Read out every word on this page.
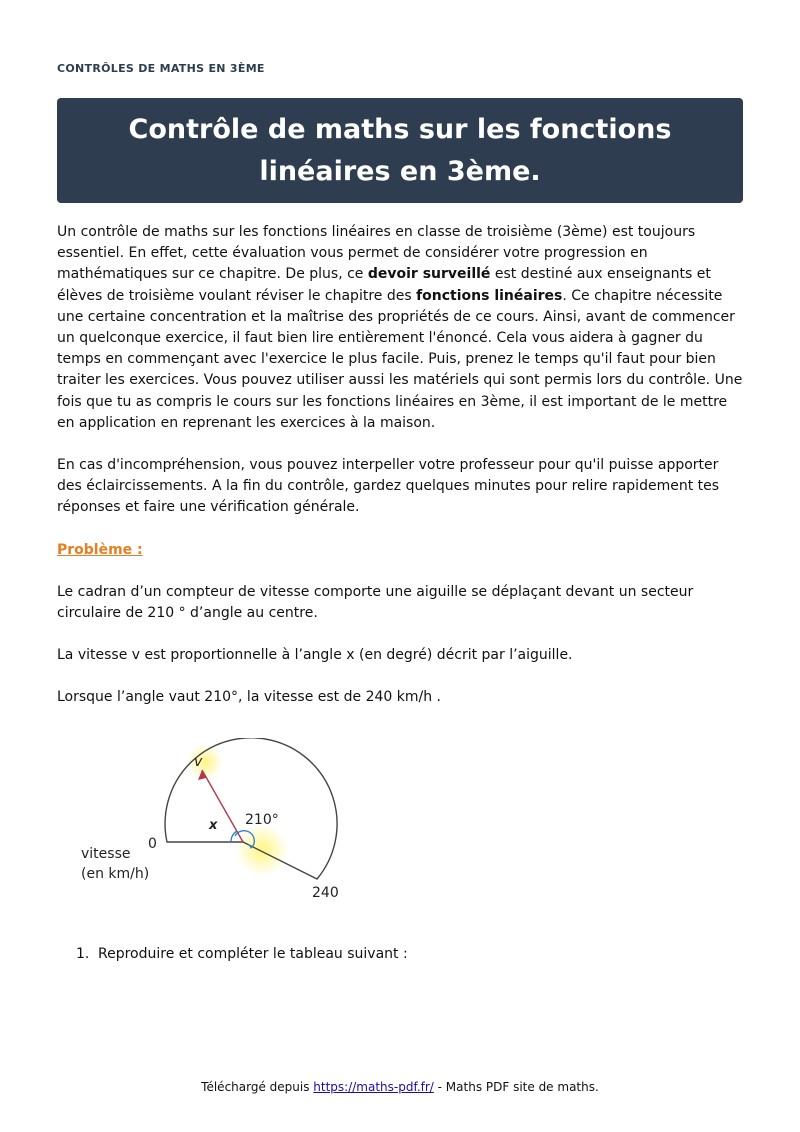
CONTRÔLES DE MATHS EN 3ÈME
Contrôle de maths sur les fonctions linéaires en 3ème.

Un contrôle de maths sur les fonctions linéaires en classe de troisième (3ème) est toujours essentiel. En effet, cette évaluation vous permet de considérer votre progression en mathématiques sur ce chapitre. De plus, ce devoir surveillé est destiné aux enseignants et élèves de troisième voulant réviser le chapitre des fonctions linéaires. Ce chapitre nécessite une certaine concentration et la maîtrise des propriétés de ce cours. Ainsi, avant de commencer un quelconque exercice, il faut bien lire entièrement l'énoncé. Cela vous aidera à gagner du temps en commençant avec l'exercice le plus facile. Puis, prenez le temps qu'il faut pour bien traiter les exercices. Vous pouvez utiliser aussi les matériels qui sont permis lors du contrôle. Une fois que tu as compris le cours sur les fonctions linéaires en 3ème, il est important de le mettre en application en reprenant les exercices à la maison.

En cas d'incompréhension, vous pouvez interpeller votre professeur pour qu'il puisse apporter des éclaircissements. A la fin du contrôle, gardez quelques minutes pour relire rapidement tes réponses et faire une vérification générale.

Problème :

Le cadran d’un compteur de vitesse comporte une aiguille se déplaçant devant un secteur circulaire de 210 ° d’angle au centre.

La vitesse v est proportionnelle à l’angle x (en degré) décrit par l’aiguille.

Lorsque l’angle vaut 210°, la vitesse est de 240 km/h .

v
x 210°
0
240
vitesse
(en km/h)
1. Reproduire et compléter le tableau suivant :
Téléchargé depuis https://maths-pdf.fr/ - Maths PDF site de maths.
